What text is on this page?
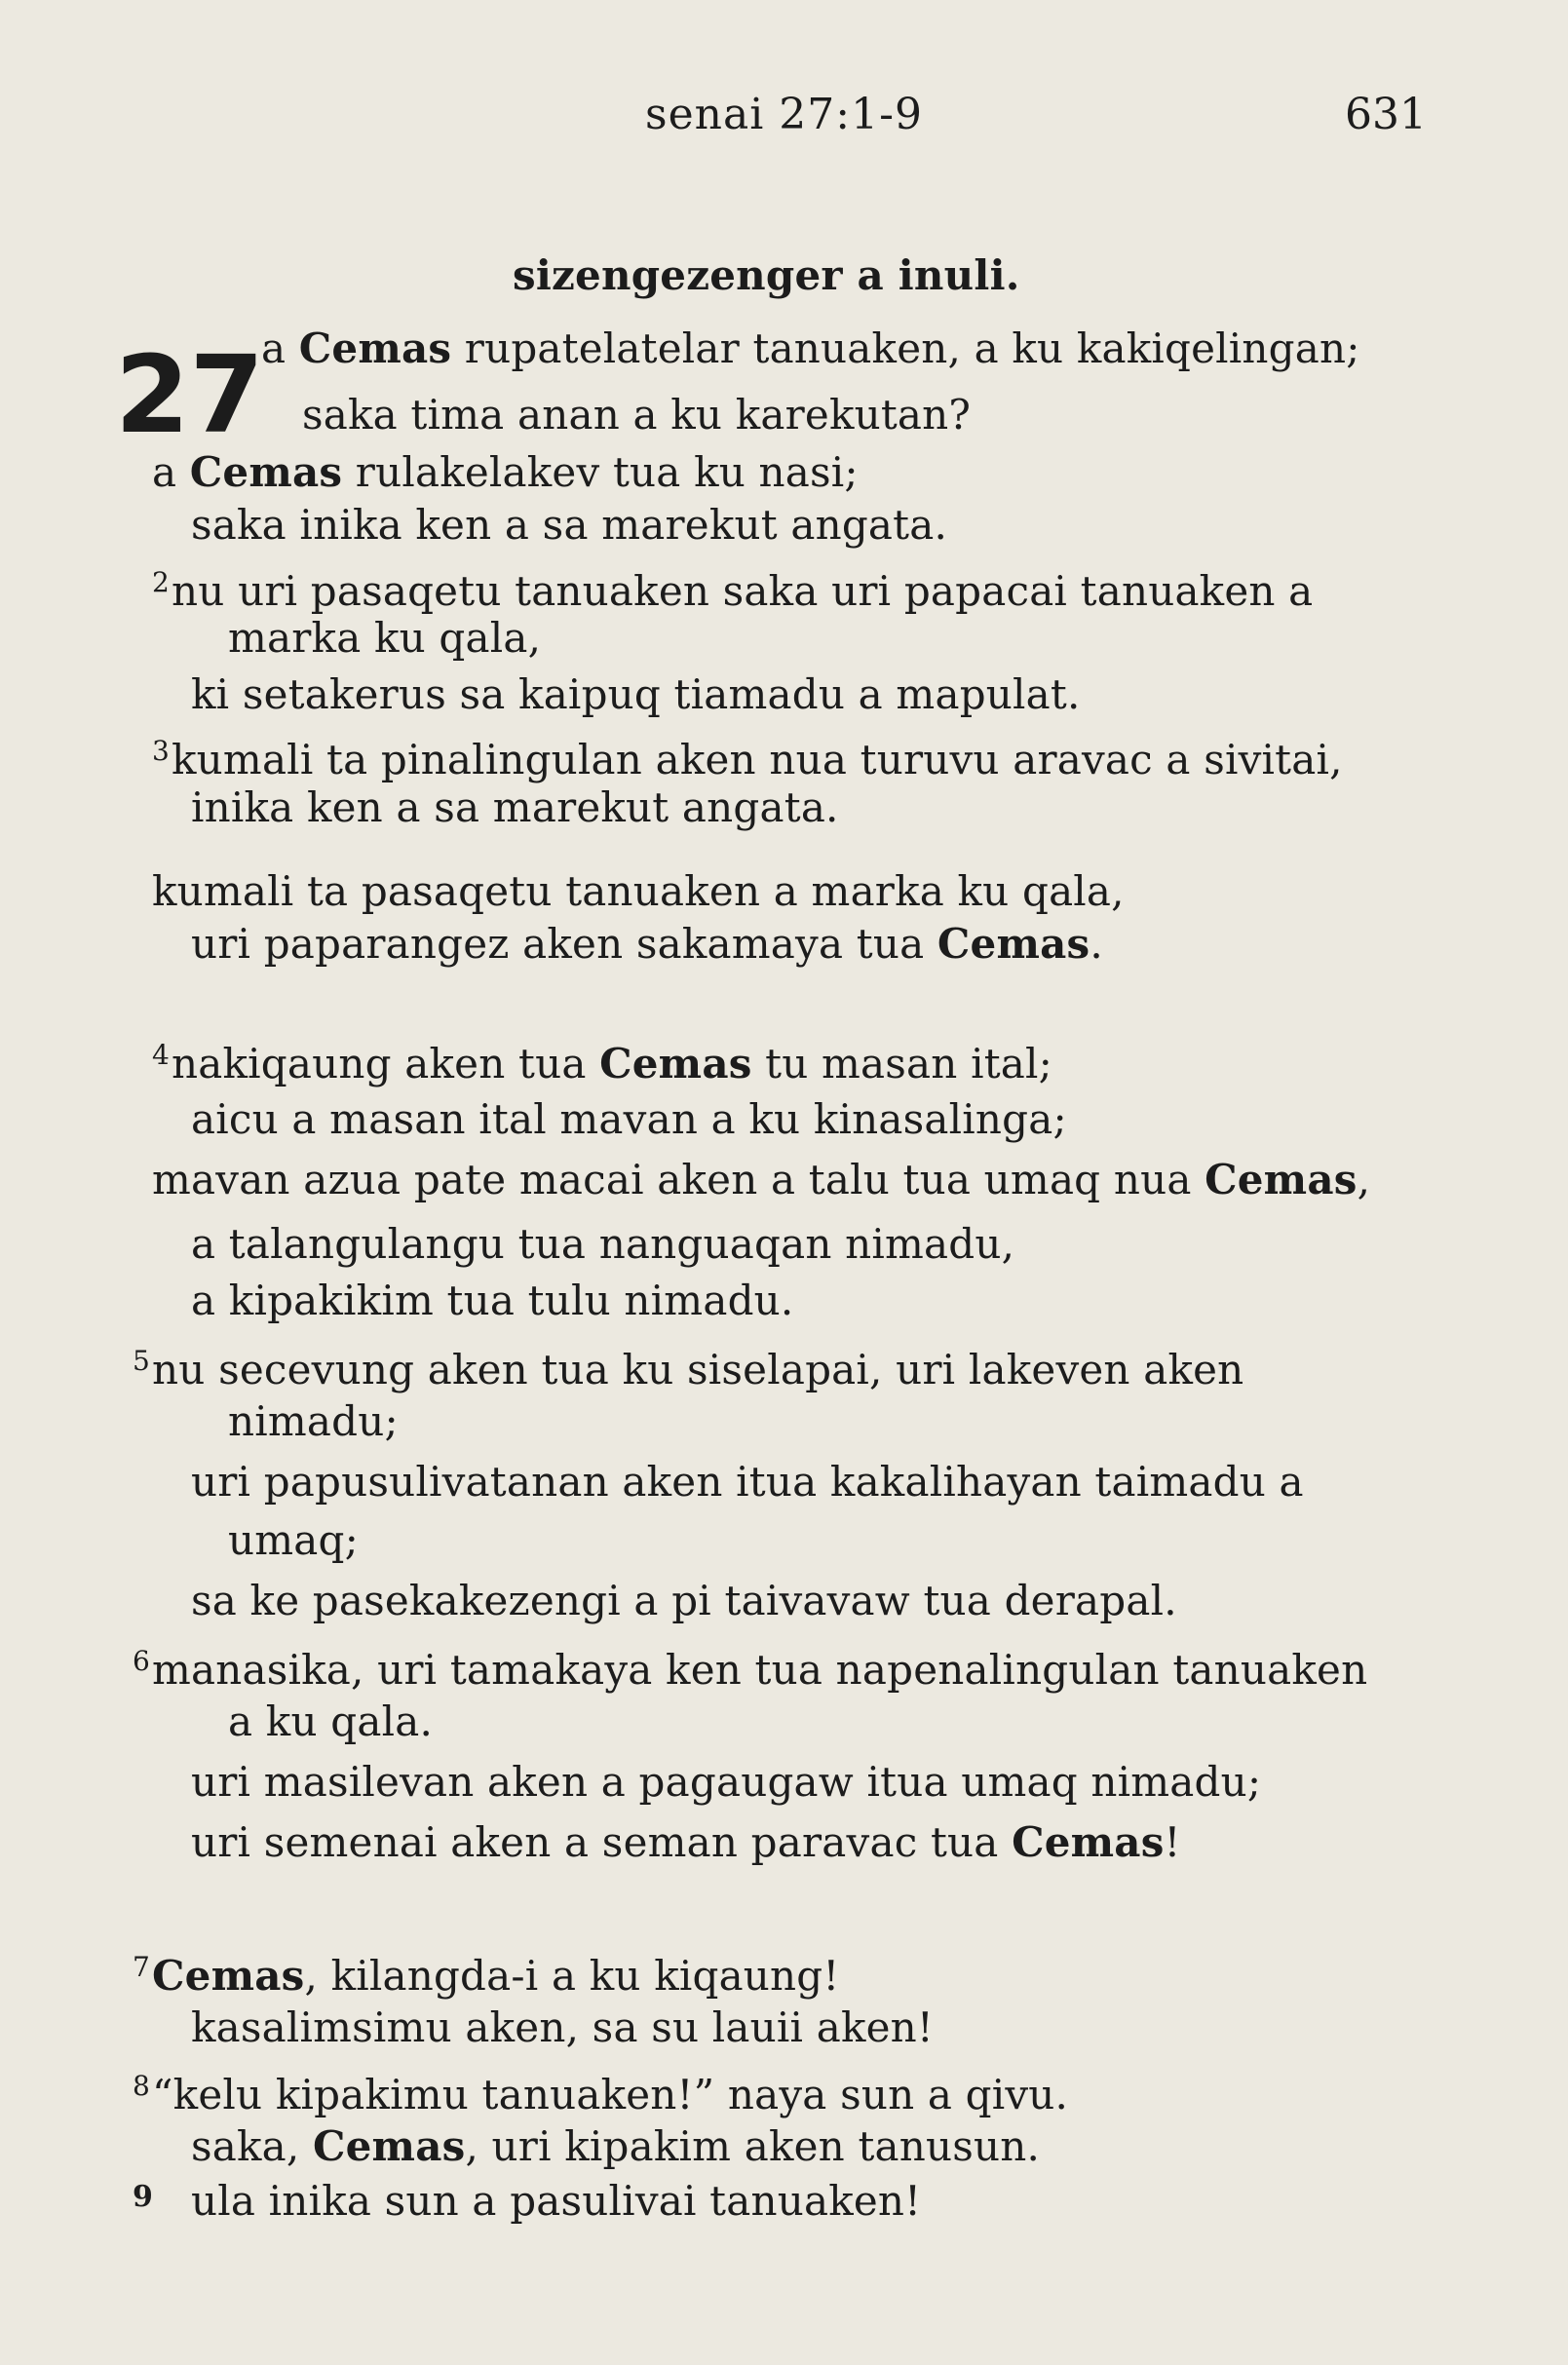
senai 27:1-9	631
sizengezenger a inuli.
27
a Cemas rupatelatelar tanuaken, a ku kakiqelingan;
saka tima anan a ku karekutan?
a Cemas rulakelakev tua ku nasi;
saka inika ken a sa marekut angata.
$^2$nu uri pasaqetu tanuaken saka uri papacai tanuaken a
marka ku qala,
ki setakerus sa kaipuq tiamadu a mapulat.
$^3$kumali ta pinalingulan aken nua turuvu aravac a sivitai,
inika ken a sa marekut angata.
kumali ta pasaqetu tanuaken a marka ku qala,
uri paparangez aken sakamaya tua Cemas.
$^4$nakiqaung aken tua Cemas tu masan ital;
aicu a masan ital mavan a ku kinasalinga;
mavan azua pate macai aken a talu tua umaq nua Cemas,
a talangulangu tua nanguaqan nimadu,
a kipakikim tua tulu nimadu.
$^5$nu secevung aken tua ku siselapai, uri lakeven aken
nimadu;
uri papusulivatanan aken itua kakalihayan taimadu a
umaq;
sa ke pasekakezengi a pi taivavaw tua derapal.
$^6$manasika, uri tamakaya ken tua napenalingulan tanuaken
a ku qala.
uri masilevan aken a pagaugaw itua umaq nimadu;
uri semenai aken a seman paravac tua Cemas!
$^7$Cemas, kilangda-i a ku kiqaung!
kasalimsimu aken, sa su lauii aken!
$^8$“kelu kipakimu tanuaken!” naya sun a qivu.
saka, Cemas, uri kipakim aken tanusun.
9 ula inika sun a pasulivai tanuaken!
